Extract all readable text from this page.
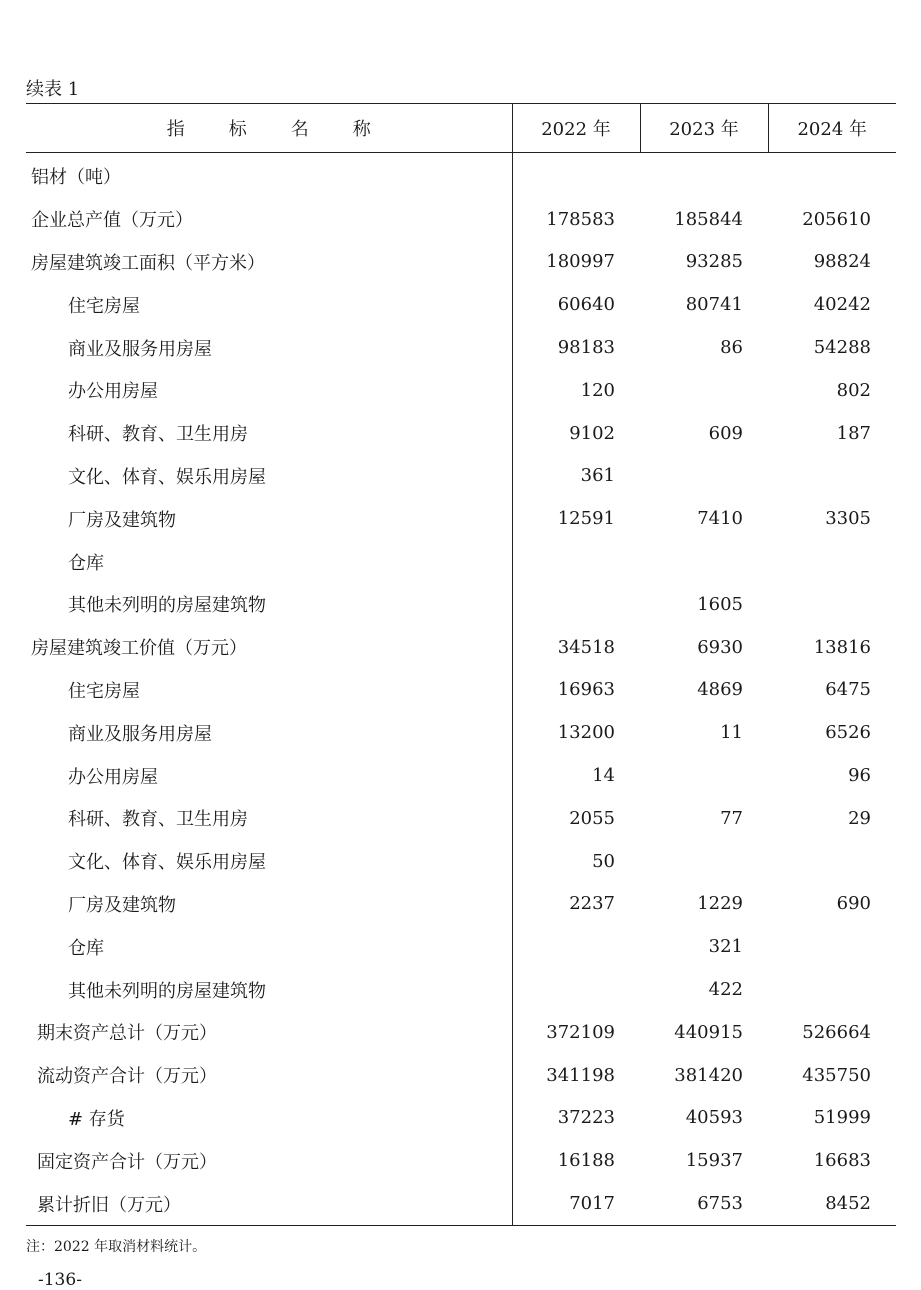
续表 1
指 标 名 称	2022 年	2023 年	2024 年
铝材（吨）			
企业总产值（万元）	178583	185844	205610
房屋建筑竣工面积（平方米）	180997	93285	98824
住宅房屋	60640	80741	40242
商业及服务用房屋	98183	86	54288
办公用房屋	120		802
科研、教育、卫生用房	9102	609	187
文化、体育、娱乐用房屋	361		
厂房及建筑物	12591	7410	3305
仓库			
其他未列明的房屋建筑物		1605	
房屋建筑竣工价值（万元）	34518	6930	13816
住宅房屋	16963	4869	6475
商业及服务用房屋	13200	11	6526
办公用房屋	14		96
科研、教育、卫生用房	2055	77	29
文化、体育、娱乐用房屋	50		
厂房及建筑物	2237	1229	690
仓库		321	
其他未列明的房屋建筑物		422	
期末资产总计（万元）	372109	440915	526664
流动资产合计（万元）	341198	381420	435750
# 存货	37223	40593	51999
固定资产合计（万元）	16188	15937	16683
累计折旧（万元）	7017	6753	8452
注：2022 年取消材料统计。
-136-
